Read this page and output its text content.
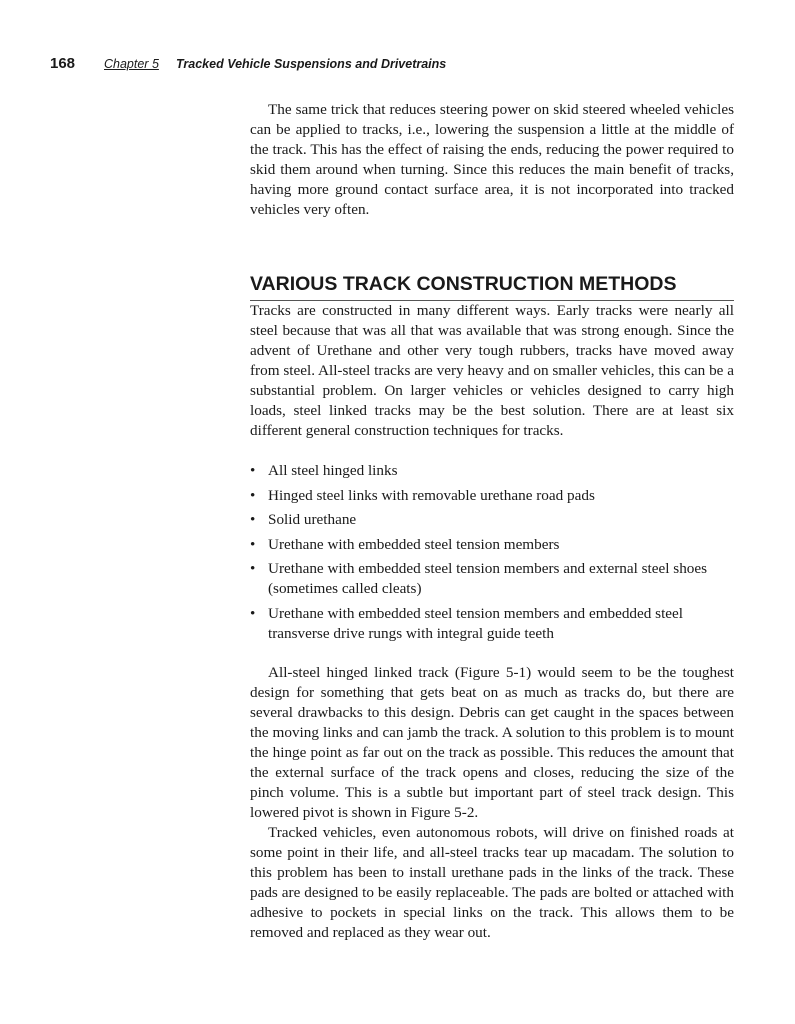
168 Chapter 5 Tracked Vehicle Suspensions and Drivetrains

The same trick that reduces steering power on skid steered wheeled vehicles can be applied to tracks, i.e., lowering the suspension a little at the middle of the track. This has the effect of raising the ends, reducing the power required to skid them around when turning. Since this reduces the main benefit of tracks, having more ground contact surface area, it is not incorporated into tracked vehicles very often.

VARIOUS TRACK CONSTRUCTION METHODS

Tracks are constructed in many different ways. Early tracks were nearly all steel because that was all that was available that was strong enough. Since the advent of Urethane and other very tough rubbers, tracks have moved away from steel. All-steel tracks are very heavy and on smaller vehicles, this can be a substantial problem. On larger vehicles or vehicles designed to carry high loads, steel linked tracks may be the best solution. There are at least six different general construction techniques for tracks.

• All steel hinged links
• Hinged steel links with removable urethane road pads
• Solid urethane
• Urethane with embedded steel tension members
• Urethane with embedded steel tension members and external steel shoes (sometimes called cleats)
• Urethane with embedded steel tension members and embedded steel transverse drive rungs with integral guide teeth

All-steel hinged linked track (Figure 5-1) would seem to be the toughest design for something that gets beat on as much as tracks do, but there are several drawbacks to this design. Debris can get caught in the spaces between the moving links and can jamb the track. A solution to this problem is to mount the hinge point as far out on the track as possible. This reduces the amount that the external surface of the track opens and closes, reducing the size of the pinch volume. This is a subtle but important part of steel track design. This lowered pivot is shown in Figure 5-2.

Tracked vehicles, even autonomous robots, will drive on finished roads at some point in their life, and all-steel tracks tear up macadam. The solution to this problem has been to install urethane pads in the links of the track. These pads are designed to be easily replaceable. The pads are bolted or attached with adhesive to pockets in special links on the track. This allows them to be removed and replaced as they wear out.
